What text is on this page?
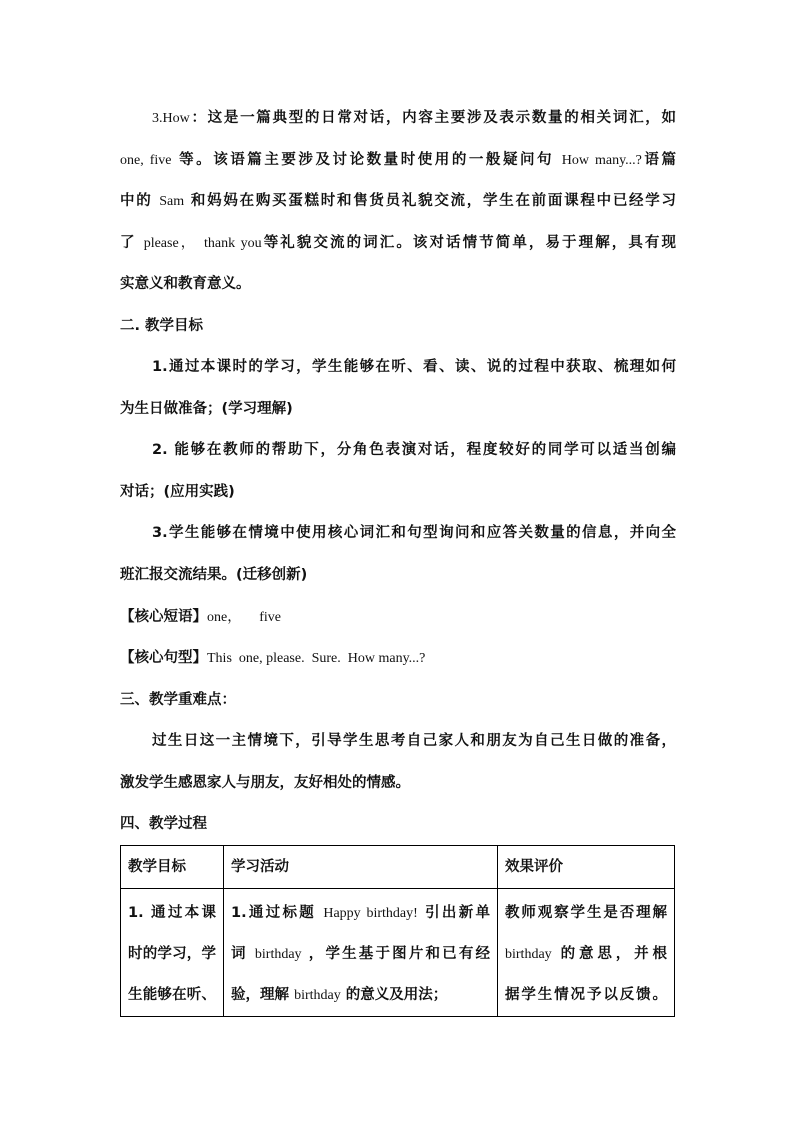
3.How：这是一篇典型的日常对话，内容主要涉及表示数量的相关词汇，如
one, five 等。该语篇主要涉及讨论数量时使用的一般疑问句 How many...?语篇
中的 Sam 和妈妈在购买蛋糕时和售货员礼貌交流，学生在前面课程中已经学习
了 please， thank you等礼貌交流的词汇。该对话情节简单，易于理解，具有现
实意义和教育意义。
二. 教学目标
1.通过本课时的学习，学生能够在听、看、读、说的过程中获取、梳理如何
为生日做准备；(学习理解)
2. 能够在教师的帮助下，分角色表演对话，程度较好的同学可以适当创编
对话；(应用实践)
3.学生能够在情境中使用核心词汇和句型询问和应答关数量的信息，并向全
班汇报交流结果。(迁移创新)
【核心短语】one， five
【核心句型】This  one, please.  Sure.  How many...?
三、教学重难点：
过生日这一主情境下，引导学生思考自己家人和朋友为自己生日做的准备，
激发学生感恩家人与朋友，友好相处的情感。
四、教学过程
教学目标	学习活动	效果评价

1. 通过本课
时的学习，学
生能够在听、	1.通过标题 Happy birthday! 引出新单
词 birthday ，学生基于图片和已有经
验，理解 birthday 的意义及用法；	教师观察学生是否理解
birthday 的意思，并根
据学生情况予以反馈。
